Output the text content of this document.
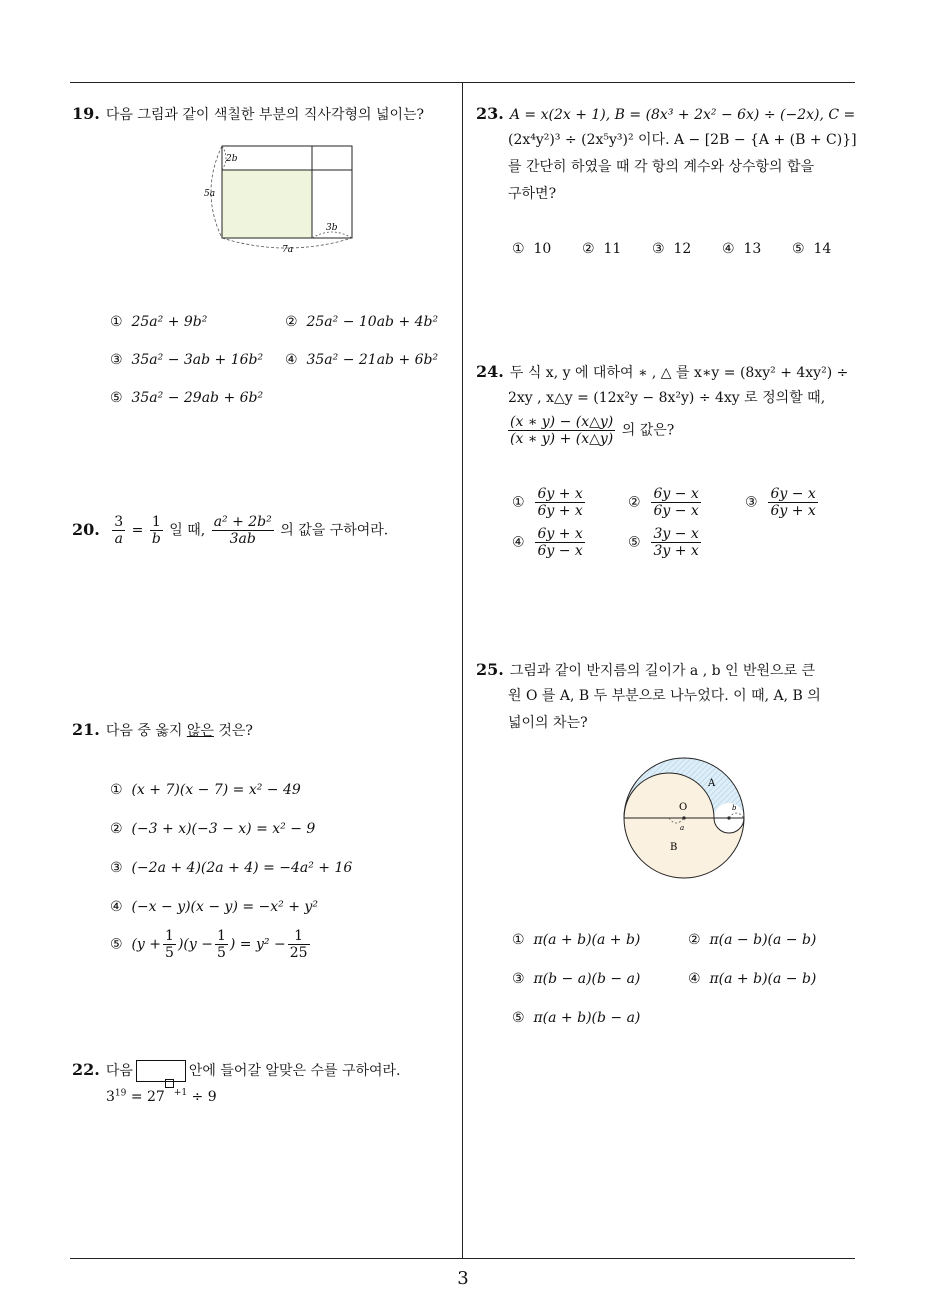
3
19. 다음 그림과 같이 색칠한 부분의 직사각형의 넓이는?
2b
5a
3b
7a
① 25a² + 9b²	② 25a² − 10ab + 4b²
③ 35a² − 3ab + 16b² ④ 35a² − 21ab + 6b²
⑤ 35a² − 29ab + 6b²
20. $\frac{3}{a} = \frac{1}{b}$ 일 때, $\frac{\text{a² + 2b²}}{3ab}$ 의 값을 구하여라.
21. 다음 중 옳지 않은 것은?
① (x + 7)(x − 7) = x² − 49
② (−3 + x)(−3 − x) = x² − 9
③ (−2a + 4)(2a + 4) = −4a² + 16
④ (−x − y)(x − y) = −x² + y²
⑤ $(y + \frac{1}{5} )(y - \frac{1}{5}$ ) = $y^2 - \frac{1}{25}$
22. 다음	안에 들어갈 알맞은 수를 구하여라.
$3^{19} = 27$ $^{+1}$ ÷ 9
23. A = x(2x + 1), B = (8x³ + 2x² − 6x) ÷ (−2x), C =
(2x⁴y²)³ ÷ (2x⁵y³)² 이다. A − [2B − {A + (B + C)}]
를 간단히 하였을 때 각 항의 계수와 상수항의 합을
구하면?
① 10 ② 11 ③ 12 ④ 13 ⑤ 14
24. 두 식 x, y 에 대하여 ∗ , △ 를 x∗y = (8xy² + 4xy²) ÷
2xy , x△y = (12x²y − 8x²y) ÷ 4xy 로 정의할 때,
$\frac{(x ∗ y) - (x\triangle y)}{(x ∗ y) + (x\triangle y)}$ 의 값은?
① $\frac{6y + x}{6y + x}$	② $\frac{6y - x}{6y - x}$	③ $\frac{6y - x}{6y + x}$
④ $\frac{6y + x}{6y - x}$	⑤ $\frac{3y - x}{3y + x}$
25. 그림과 같이 반지름의 길이가 a , b 인 반원으로 큰
원 O 를 A, B 두 부분으로 나누었다. 이 때, A, B 의
넓이의 차는?
A
B
O
a
b
① π(a + b)(a + b)	② π(a − b)(a − b)
③ π(b − a)(b − a)	④ π(a + b)(a − b)
⑤ π(a + b)(b − a)
